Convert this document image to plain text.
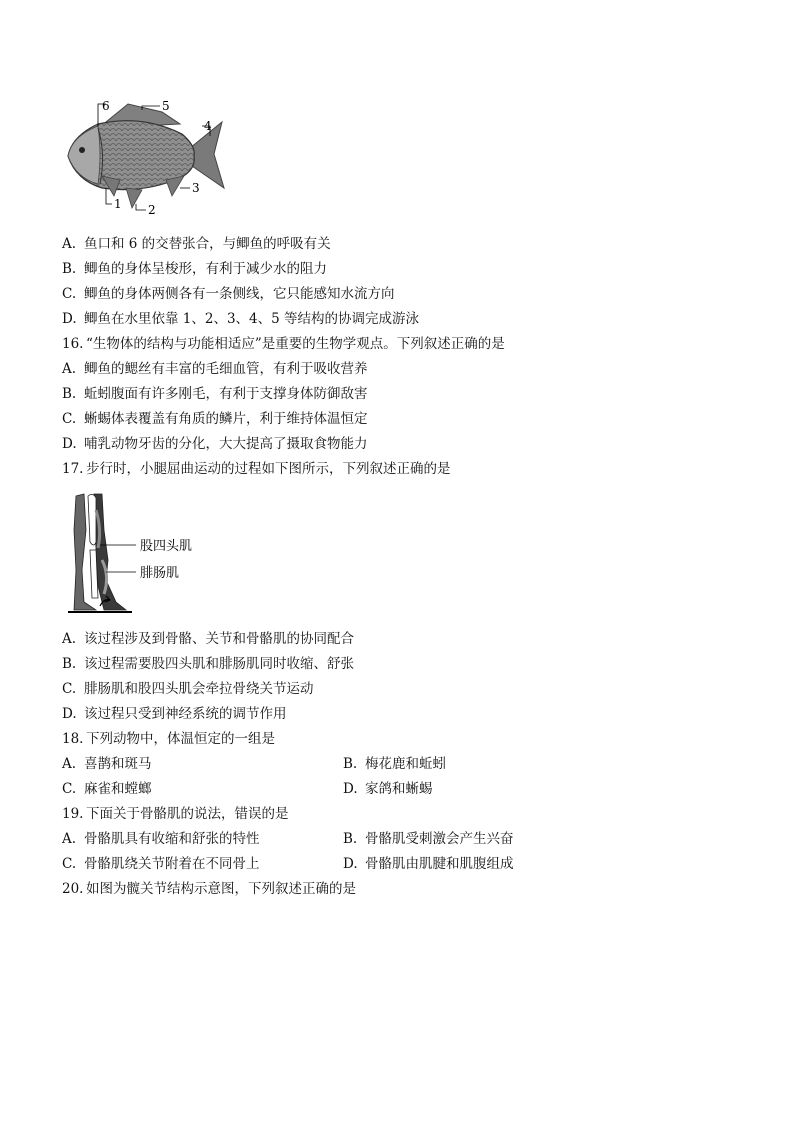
6	5
4
3
2
1
A. 鱼口和 6 的交替张合，与鲫鱼的呼吸有关
B. 鲫鱼的身体呈梭形，有利于减少水的阻力
C. 鲫鱼的身体两侧各有一条侧线，它只能感知水流方向
D. 鲫鱼在水里依靠 1、2、3、4、5 等结构的协调完成游泳
16. “生物体的结构与功能相适应”是重要的生物学观点。下列叙述正确的是
A. 鲫鱼的鳃丝有丰富的毛细血管，有利于吸收营养
B. 蚯蚓腹面有许多刚毛，有利于支撑身体防御敌害
C. 蜥蜴体表覆盖有角质的鳞片，利于维持体温恒定
D. 哺乳动物牙齿的分化，大大提高了摄取食物能力
17. 步行时，小腿屈曲运动的过程如下图所示，下列叙述正确的是
股四头肌
腓肠肌
A. 该过程涉及到骨骼、关节和骨骼肌的协同配合
B. 该过程需要股四头肌和腓肠肌同时收缩、舒张
C. 腓肠肌和股四头肌会牵拉骨绕关节运动
D. 该过程只受到神经系统的调节作用
18. 下列动物中，体温恒定的一组是
A. 喜鹊和斑马	B. 梅花鹿和蚯蚓
C. 麻雀和螳螂	D. 家鸽和蜥蜴
19. 下面关于骨骼肌的说法，错误的是
A. 骨骼肌具有收缩和舒张的特性	B. 骨骼肌受刺激会产生兴奋
C. 骨骼肌绕关节附着在不同骨上	D. 骨骼肌由肌腱和肌腹组成
20. 如图为髋关节结构示意图，下列叙述正确的是
